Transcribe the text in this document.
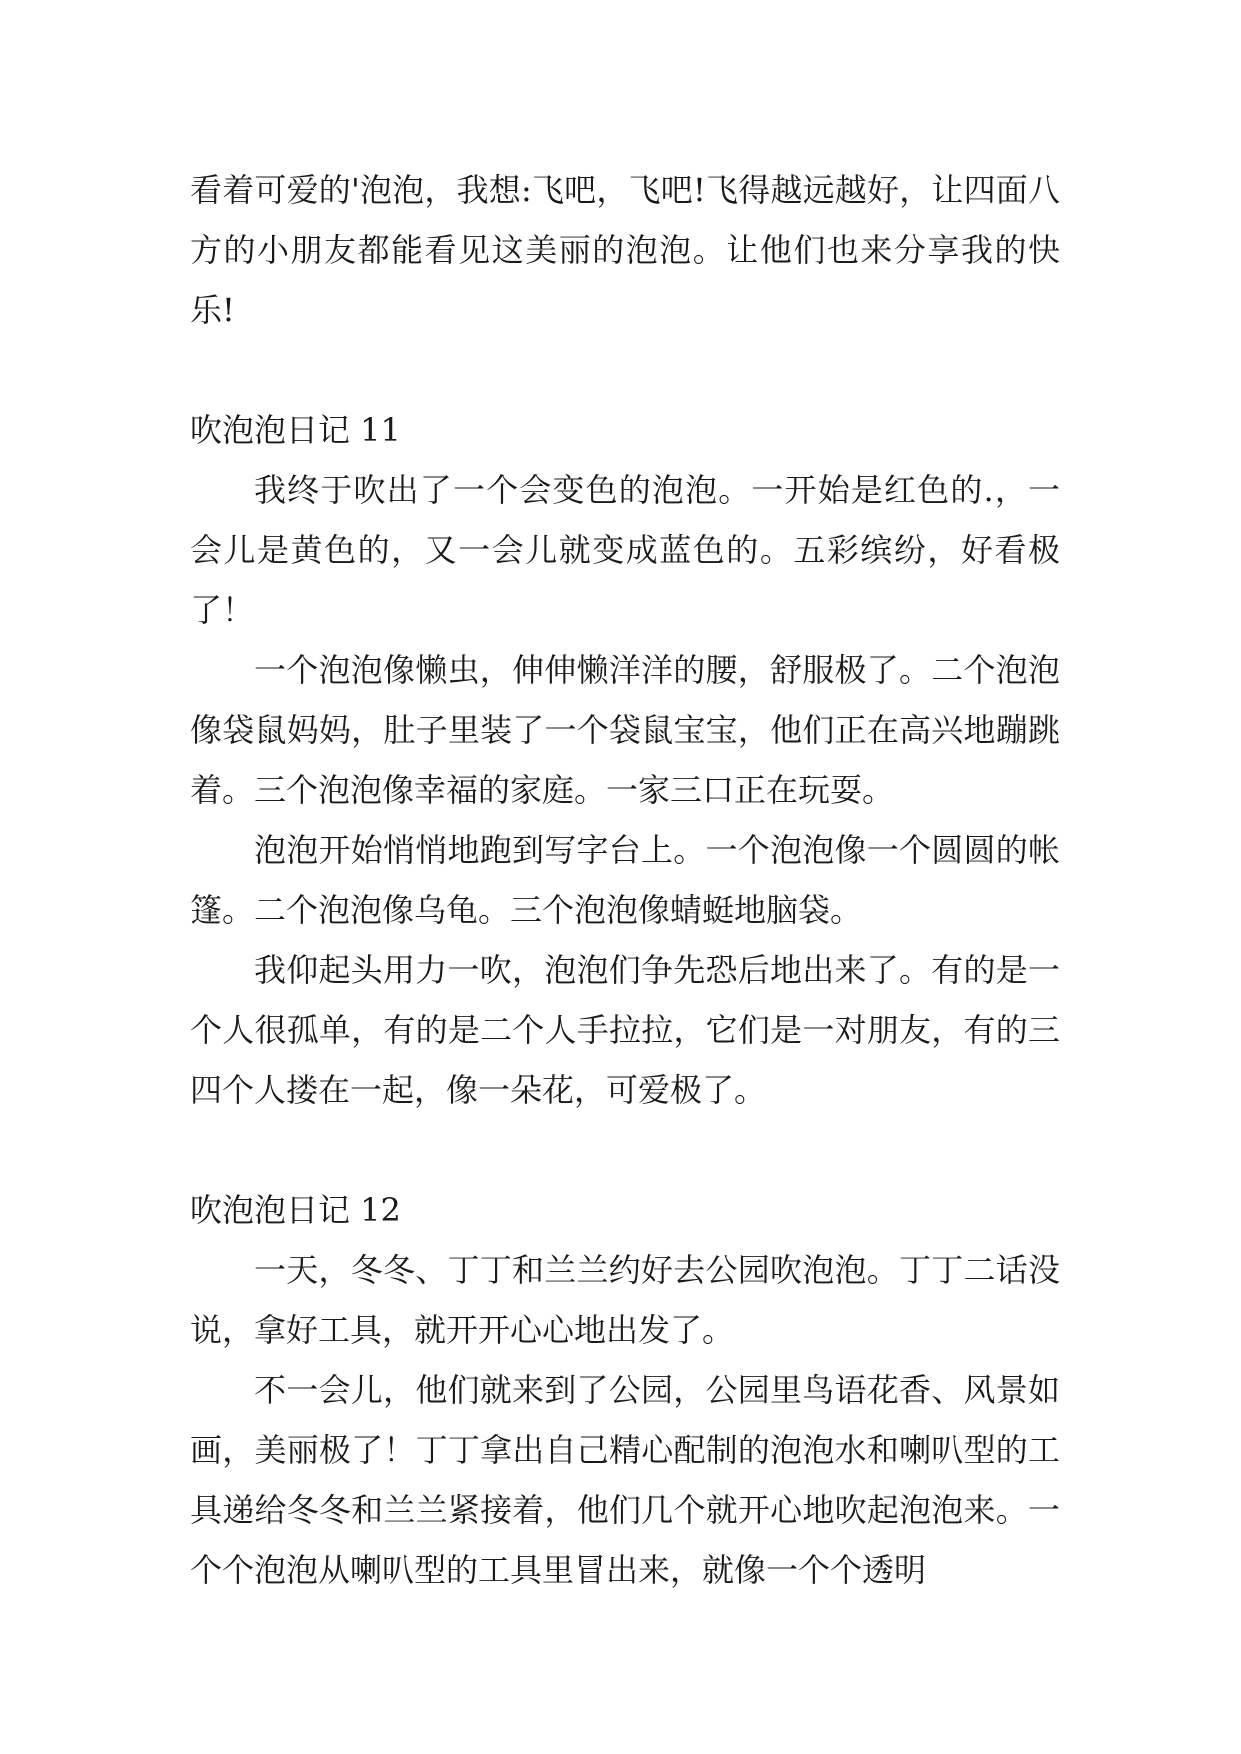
看着可爱的'泡泡，我想:飞吧，飞吧!飞得越远越好，让四面八方的小朋友都能看见这美丽的泡泡。让他们也来分享我的快乐!

吹泡泡日记 11

我终于吹出了一个会变色的泡泡。一开始是红色的.，一会儿是黄色的，又一会儿就变成蓝色的。五彩缤纷，好看极了！

一个泡泡像懒虫，伸伸懒洋洋的腰，舒服极了。二个泡泡像袋鼠妈妈，肚子里装了一个袋鼠宝宝，他们正在高兴地蹦跳着。三个泡泡像幸福的家庭。一家三口正在玩耍。

泡泡开始悄悄地跑到写字台上。一个泡泡像一个圆圆的帐篷。二个泡泡像乌龟。三个泡泡像蜻蜓地脑袋。

我仰起头用力一吹，泡泡们争先恐后地出来了。有的是一个人很孤单，有的是二个人手拉拉，它们是一对朋友，有的三四个人搂在一起，像一朵花，可爱极了。

吹泡泡日记 12

一天，冬冬、丁丁和兰兰约好去公园吹泡泡。丁丁二话没说，拿好工具，就开开心心地出发了。

不一会儿，他们就来到了公园，公园里鸟语花香、风景如画，美丽极了！丁丁拿出自己精心配制的泡泡水和喇叭型的工具递给冬冬和兰兰紧接着，他们几个就开心地吹起泡泡来。一个个泡泡从喇叭型的工具里冒出来，就像一个个透明
